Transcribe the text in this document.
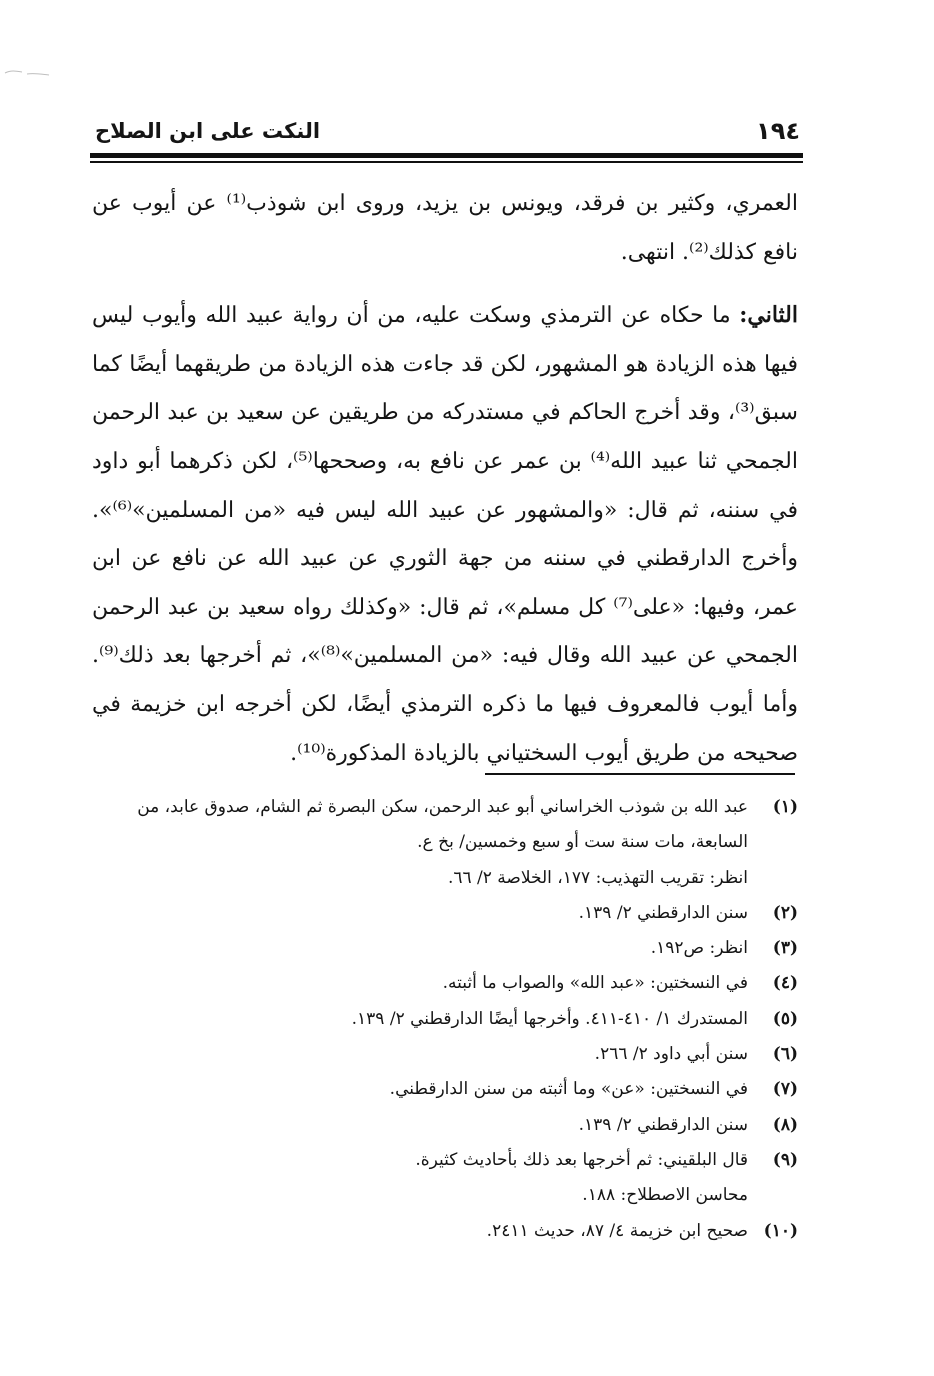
١٩٤
النكت على ابن الصلاح

العمري، وكثير بن فرقد، ويونس بن يزيد، وروى ابن شوذب⁽¹⁾ عن أيوب عن نافع كذلك⁽²⁾. انتهى.

الثاني: ما حكاه عن الترمذي وسكت عليه، من أن رواية عبيد الله وأيوب ليس فيها هذه الزيادة هو المشهور، لكن قد جاءت هذه الزيادة من طريقهما أيضًا كما سبق⁽³⁾، وقد أخرج الحاكم في مستدركه من طريقين عن سعيد بن عبد الرحمن الجمحي ثنا عبيد الله⁽⁴⁾ بن عمر عن نافع به، وصححها⁽⁵⁾، لكن ذكرهما أبو داود في سننه، ثم قال: «والمشهور عن عبيد الله ليس فيه «من المسلمين»⁽⁶⁾». وأخرج الدارقطني في سننه من جهة الثوري عن عبيد الله عن نافع عن ابن عمر، وفيها: «على⁽⁷⁾ كل مسلم»، ثم قال: «وكذلك رواه سعيد بن عبد الرحمن الجمحي عن عبيد الله وقال فيه: «من المسلمين»⁽⁸⁾»، ثم أخرجها بعد ذلك⁽⁹⁾. وأما أيوب فالمعروف فيها ما ذكره الترمذي أيضًا، لكن أخرجه ابن خزيمة في صحيحه من طريق أيوب السختياني بالزيادة المذكورة⁽¹⁰⁾.

(١)
عبد الله بن شوذب الخراساني أبو عبد الرحمن، سكن البصرة ثم الشام، صدوق عابد، من
السابعة، مات سنة ست أو سبع وخمسين/ بخ ع.
انظر: تقريب التهذيب: ١٧٧، الخلاصة ٢/ ٦٦.
(٢)
سنن الدارقطني ٢/ ١٣٩.
(٣)
انظر: ص١٩٢.
(٤)
في النسختين: «عبد الله» والصواب ما أثبته.
(٥)
المستدرك ١/ ٤١٠-٤١١. وأخرجها أيضًا الدارقطني ٢/ ١٣٩.
(٦)
سنن أبي داود ٢/ ٢٦٦.
(٧)
في النسختين: «عن» وما أثبته من سنن الدارقطني.
(٨)
سنن الدارقطني ٢/ ١٣٩.
(٩)
قال البلقيني: ثم أخرجها بعد ذلك بأحاديث كثيرة.
محاسن الاصطلاح: ١٨٨.
(١٠)
صحيح ابن خزيمة ٤/ ٨٧، حديث ٢٤١١.
